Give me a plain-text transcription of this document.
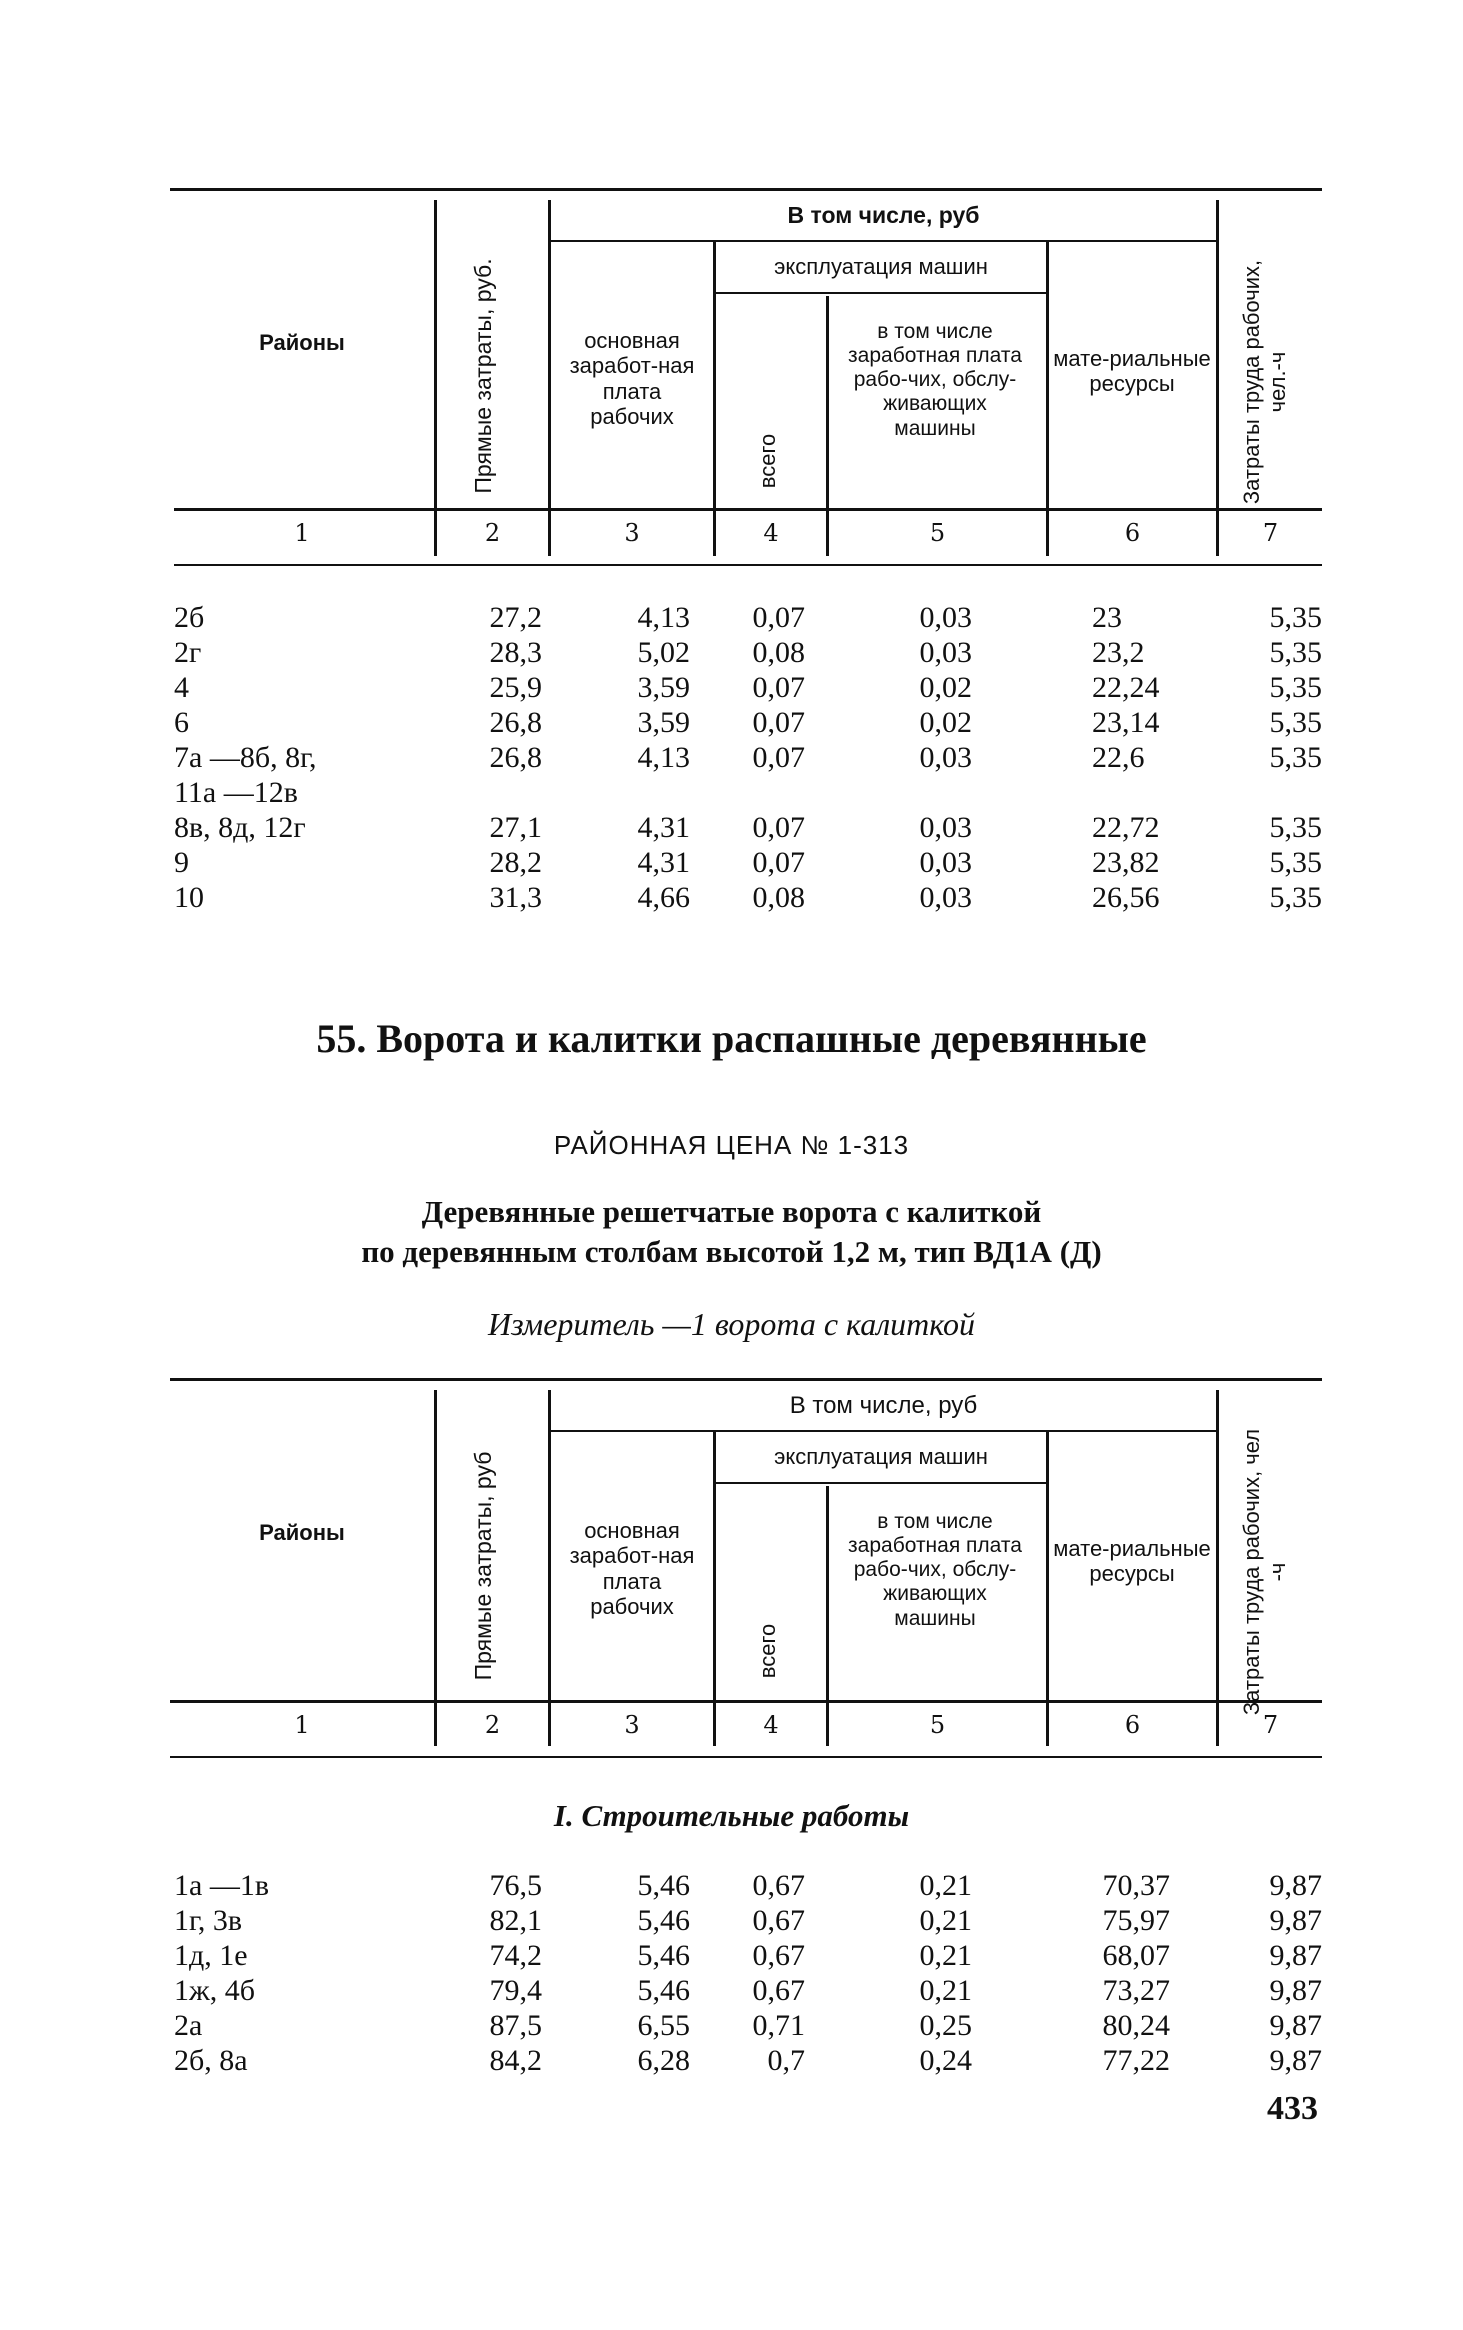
Районы	Прямые затраты, руб.
В том числе, руб
основная заработ-ная плата рабочих
эксплуатация машин
всего
в том числе заработная плата рабо-чих, обслу-живающих машины
мате-риальные ресурсы	Затраты труда рабочих, чел.-ч
1	2	3	4	5	6	7
2б	27,2	4,13 0,07	0,03	23	5,35
2г	28,3	5,02 0,08	0,03	23,2	5,35
4	25,9	3,59 0,07	0,02	22,24	5,35
6	26,8	3,59 0,07	0,02	23,14	5,35
7а —8б, 8г,
11а —12в
26,8	4,13 0,07	0,03	22,6	5,35
8в, 8д, 12г	27,1	4,31 0,07	0,03	22,72	5,35
9	28,2	4,31 0,07	0,03	23,82	5,35
10	31,3	4,66 0,08	0,03	26,56	5,35
55. Ворота и калитки распашные деревянные
РАЙОННАЯ ЦЕНА № 1-313
Деревянные решетчатые ворота с калиткой
по деревянным столбам высотой 1,2 м, тип ВД1А (Д)
Измеритель —1 ворота с калиткой
Районы	Прямые затраты, руб
В том числе, руб
основная заработ-ная плата рабочих
эксплуатация машин
всего
в том числе заработная плата рабо-чих, обслу-живающих машины
мате-риальные ресурсы	Затраты труда рабочих, чел -ч
1	2	3	4	5	6	7
I. Строительные работы
1а —1в	76,5	5,46 0,67	0,21	70,37	9,87
1г, 3в	82,1	5,46 0,67	0,21	75,97	9,87
1д, 1е	74,2	5,46 0,67	0,21	68,07	9,87
1ж, 4б	79,4	5,46 0,67	0,21	73,27	9,87
2а	87,5	6,55 0,71	0,25	80,24	9,87
2б, 8а	84,2	6,28	0,7	0,24	77,22	9,87
433
